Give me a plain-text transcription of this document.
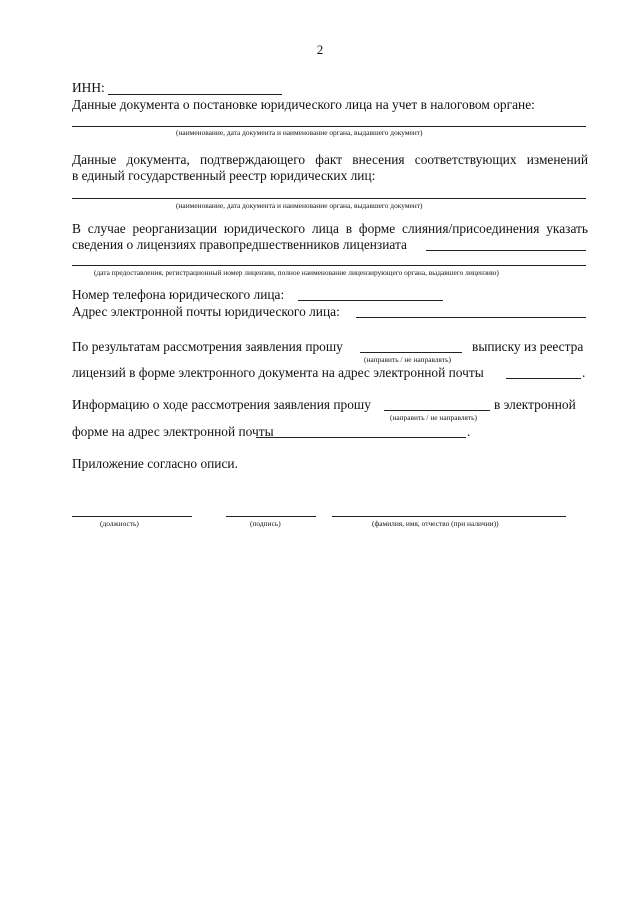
2
ИНН:
Данные документа о постановке юридического лица на учет в налоговом органе:
(наименование, дата документа и наименование органа, выдавшего документ)
Данные документа, подтверждающего факт внесения соответствующих изменений
в единый государственный реестр юридических лиц:
(наименование, дата документа и наименование органа, выдавшего документ)
В случае реорганизации юридического лица в форме слияния/присоединения указать
сведения о лицензиях правопредшественников лицензиата
(дата предоставления, регистрационный номер лицензии, полное наименование лицензирующего органа, выдавшего лицензию)
Номер телефона юридического лица:
Адрес электронной почты юридического лица:
По результатам рассмотрения заявления прошу	выписку из реестра
(направить / не направлять)
лицензий в форме электронного документа на адрес электронной почты	.
Информацию о ходе рассмотрения заявления прошу	в электронной
(направить / не направлять)
форме на адрес электронной почты	.
Приложение согласно описи.
(должность)	(подпись)	(фамилия, имя, отчество (при наличии))
